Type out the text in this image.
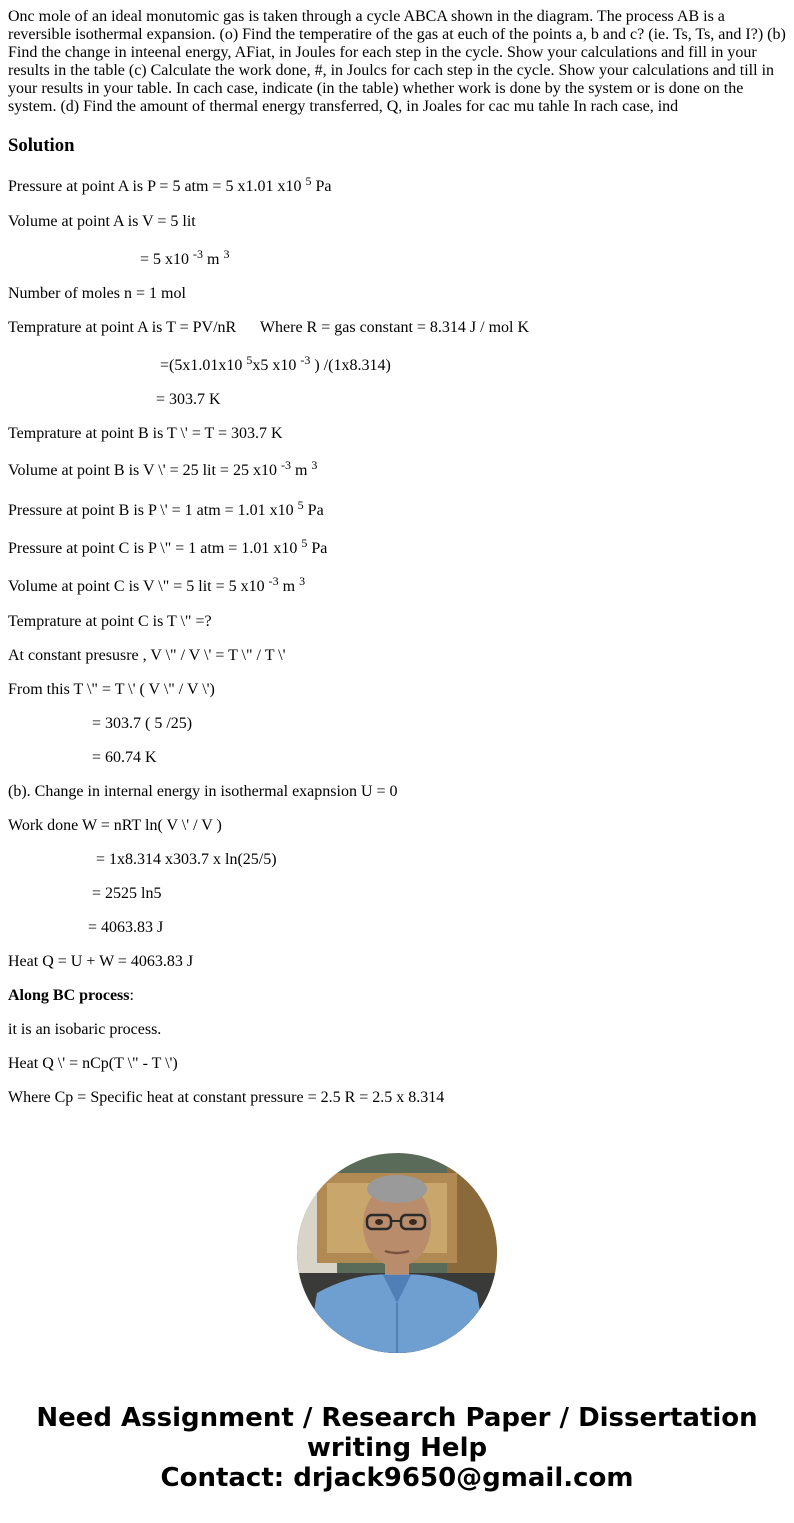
Onc mole of an ideal monutomic gas is taken through a cycle ABCA shown in the diagram. The process AB is a reversible isothermal expansion. (o) Find the temperatire of the gas at euch of the points a, b and c? (ie. Ts, Ts, and I?) (b) Find the change in inteenal energy, AFiat, in Joules for each step in the cycle. Show your calculations and fill in your results in the table (c) Calculate the work done, #, in Joulcs for cach step in the cycle. Show your calculations and till in your results in your table. In cach case, indicate (in the table) whether work is done by the system or is done on the system. (d) Find the amount of thermal energy transferred, Q, in Joales for cac mu tahle In rach case, ind

Solution

Pressure at point A is P = 5 atm = 5 x1.01 x10 $^5$ Pa

Volume at point A is V = 5 lit

= 5 x10 $^{-3}$ m $^3$

Number of moles n = 1 mol

Temprature at point A is T = PV/nR      Where R = gas constant = 8.314 J / mol K

=(5x1.01x10 $^5$x5 x10 $^{-3}$ ) /(1x8.314)

= 303.7 K

Temprature at point B is T \' = T = 303.7 K

Volume at point B is V \' = 25 lit = 25 x10 $^{-3}$ m $^3$

Pressure at point B is P \' = 1 atm = 1.01 x10 $^5$ Pa

Pressure at point C is P \" = 1 atm = 1.01 x10 $^5$ Pa

Volume at point C is V \" = 5 lit = 5 x10 $^{-3}$ m $^3$

Temprature at point C is T \" =?

At constant presusre , V \" / V \' = T \" / T \'

From this T \" = T \' ( V \" / V \')

= 303.7 ( 5 /25)

= 60.74 K

(b). Change in internal energy in isothermal exapnsion U = 0

Work done W = nRT ln( V \' / V )

= 1x8.314 x303.7 x ln(25/5)

= 2525 ln5

= 4063.83 J

Heat Q = U + W = 4063.83 J

Along BC process:

it is an isobaric process.

Heat Q \' = nCp(T \" - T \')

Where Cp = Specific heat at constant pressure = 2.5 R = 2.5 x 8.314

Need Assignment / Research Paper / Dissertation
writing Help
Contact: drjack9650@gmail.com
